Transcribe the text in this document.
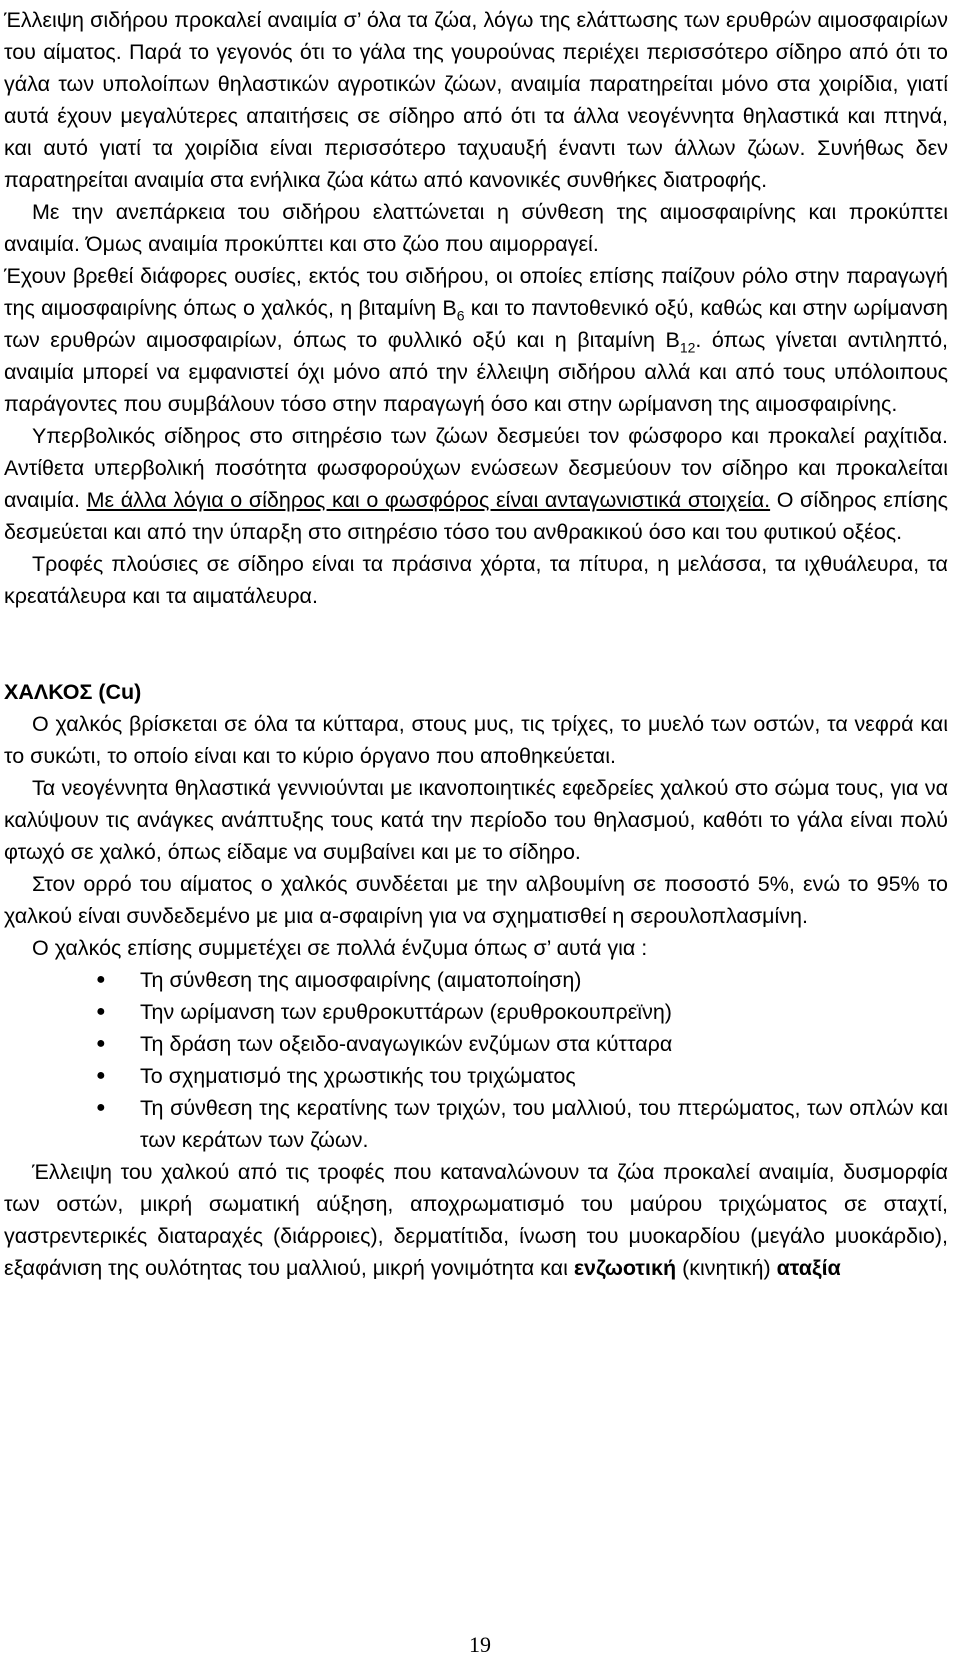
Έλλειψη σιδήρου προκαλεί αναιμία σ’ όλα τα ζώα, λόγω της ελάττωσης των ερυθρών αιμοσφαιρίων του αίματος. Παρά το γεγονός ότι το γάλα της γουρούνας περιέχει περισσότερο σίδηρο από ότι το γάλα των υπολοίπων θηλαστικών αγροτικών ζώων, αναιμία παρατηρείται μόνο στα χοιρίδια, γιατί αυτά έχουν μεγαλύτερες απαιτήσεις σε σίδηρο από ότι τα άλλα νεογέννητα θηλαστικά και πτηνά, και αυτό γιατί τα χοιρίδια είναι περισσότερο ταχυαυξή έναντι των άλλων ζώων. Συνήθως δεν παρατηρείται αναιμία στα ενήλικα ζώα κάτω από κανονικές συνθήκες διατροφής.

Με την ανεπάρκεια του σιδήρου ελαττώνεται η σύνθεση της αιμοσφαιρίνης και προκύπτει αναιμία. Όμως αναιμία προκύπτει και στο ζώο που αιμορραγεί.

Έχουν βρεθεί διάφορες ουσίες, εκτός του σιδήρου, οι οποίες επίσης παίζουν ρόλο στην παραγωγή της αιμοσφαιρίνης όπως ο χαλκός, η βιταμίνη $B_6$ και το παντοθενικό οξύ, καθώς και στην ωρίμανση των ερυθρών αιμοσφαιρίων, όπως το φυλλικό οξύ και η βιταμίνη $B_{12}$. όπως γίνεται αντιληπτό, αναιμία μπορεί να εμφανιστεί όχι μόνο από την έλλειψη σιδήρου αλλά και από τους υπόλοιπους παράγοντες που συμβάλουν τόσο στην παραγωγή όσο και στην ωρίμανση της αιμοσφαιρίνης.

Υπερβολικός σίδηρος στο σιτηρέσιο των ζώων δεσμεύει τον φώσφορο και προκαλεί ραχίτιδα. Αντίθετα υπερβολική ποσότητα φωσφορούχων ενώσεων δεσμεύουν τον σίδηρο και προκαλείται αναιμία. Με άλλα λόγια ο σίδηρος και ο φωσφόρος είναι ανταγωνιστικά στοιχεία. Ο σίδηρος επίσης δεσμεύεται και από την ύπαρξη στο σιτηρέσιο τόσο του ανθρακικού όσο και του φυτικού οξέος.

Τροφές πλούσιες σε σίδηρο είναι τα πράσινα χόρτα, τα πίτυρα, η μελάσσα, τα ιχθυάλευρα, τα κρεατάλευρα και τα αιματάλευρα.

ΧΑΛΚΟΣ (Cu)

Ο χαλκός βρίσκεται σε όλα τα κύτταρα, στους μυς, τις τρίχες, το μυελό των οστών, τα νεφρά και το συκώτι, το οποίο είναι και το κύριο όργανο που αποθηκεύεται.

Τα νεογέννητα θηλαστικά γεννιούνται με ικανοποιητικές εφεδρείες χαλκού στο σώμα τους, για να καλύψουν τις ανάγκες ανάπτυξης τους κατά την περίοδο του θηλασμού, καθότι το γάλα είναι πολύ φτωχό σε χαλκό, όπως είδαμε να συμβαίνει και με το σίδηρο.

Στον ορρό του αίματος ο χαλκός συνδέεται με την αλβουμίνη σε ποσοστό 5%, ενώ το 95% το χαλκού είναι συνδεδεμένο με μια α-σφαιρίνη για να σχηματισθεί η σερουλοπλασμίνη.

Ο χαλκός επίσης συμμετέχει σε πολλά ένζυμα όπως σ’ αυτά για :

● Τη σύνθεση της αιμοσφαιρίνης (αιματοποίηση)
● Την ωρίμανση των ερυθροκυττάρων (ερυθροκουπρεϊνη)
● Τη δράση των οξειδο-αναγωγικών ενζύμων στα κύτταρα
● Το σχηματισμό της χρωστικής του τριχώματος
● Τη σύνθεση της κερατίνης των τριχών, του μαλλιού, του πτερώματος, των οπλών και των κεράτων των ζώων.

Έλλειψη του χαλκού από τις τροφές που καταναλώνουν τα ζώα προκαλεί αναιμία, δυσμορφία των οστών, μικρή σωματική αύξηση, αποχρωματισμό του μαύρου τριχώματος σε σταχτί, γαστρεντερικές διαταραχές (διάρροιες), δερματίτιδα, ίνωση του μυοκαρδίου (μεγάλο μυοκάρδιο), εξαφάνιση της ουλότητας του μαλλιού, μικρή γονιμότητα και ενζωοτική (κινητική) αταξία

19
